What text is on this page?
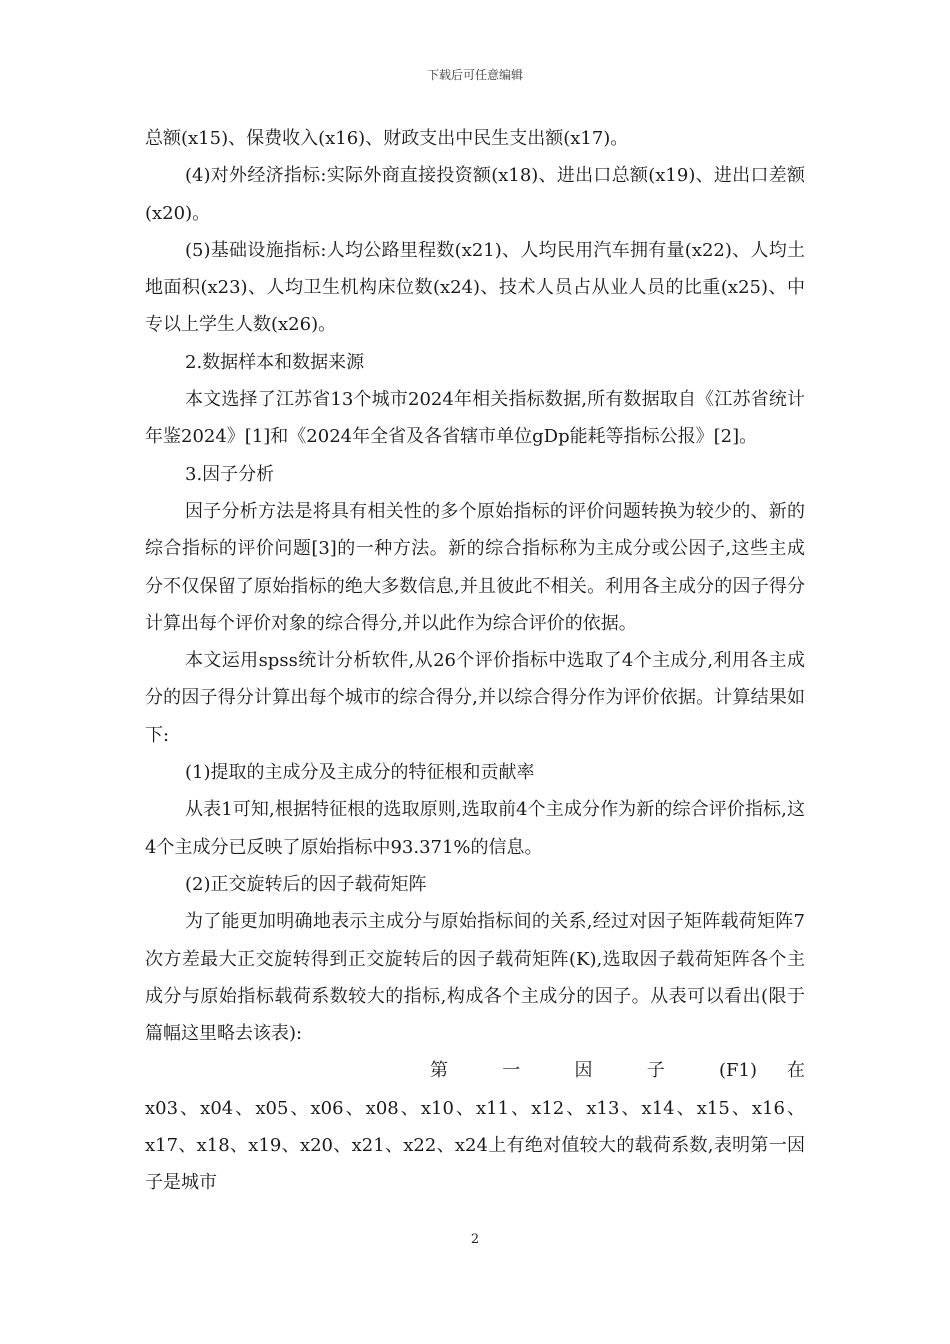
下载后可任意编辑

总额(x15)、保费收入(x16)、财政支出中民生支出额(x17)。

(4)对外经济指标:实际外商直接投资额(x18)、进出口总额(x19)、进出口差额(x20)。

(5)基础设施指标:人均公路里程数(x21)、人均民用汽车拥有量(x22)、人均土地面积(x23)、人均卫生机构床位数(x24)、技术人员占从业人员的比重(x25)、中专以上学生人数(x26)。

2.数据样本和数据来源

本文选择了江苏省13个城市2024年相关指标数据,所有数据取自《江苏省统计年鉴2024》[1]和《2024年全省及各省辖市单位gDp能耗等指标公报》[2]。

3.因子分析

因子分析方法是将具有相关性的多个原始指标的评价问题转换为较少的、新的综合指标的评价问题[3]的一种方法。新的综合指标称为主成分或公因子,这些主成分不仅保留了原始指标的绝大多数信息,并且彼此不相关。利用各主成分的因子得分计算出每个评价对象的综合得分,并以此作为综合评价的依据。

本文运用spss统计分析软件,从26个评价指标中选取了4个主成分,利用各主成分的因子得分计算出每个城市的综合得分,并以综合得分作为评价依据。计算结果如下:

(1)提取的主成分及主成分的特征根和贡献率

从表1可知,根据特征根的选取原则,选取前4个主成分作为新的综合评价指标,这4个主成分已反映了原始指标中93.371%的信息。

(2)正交旋转后的因子载荷矩阵

为了能更加明确地表示主成分与原始指标间的关系,经过对因子矩阵载荷矩阵7次方差最大正交旋转得到正交旋转后的因子载荷矩阵(K),选取因子载荷矩阵各个主成分与原始指标载荷系数较大的指标,构成各个主成分的因子。从表可以看出(限于篇幅这里略去该表):

第 一 因 子 (F1) 在

x03、x04、x05、x06、x08、x10、x11、x12、x13、x14、x15、x16、x17、x18、x19、x20、x21、x22、x24上有绝对值较大的载荷系数,表明第一因子是城市

2
